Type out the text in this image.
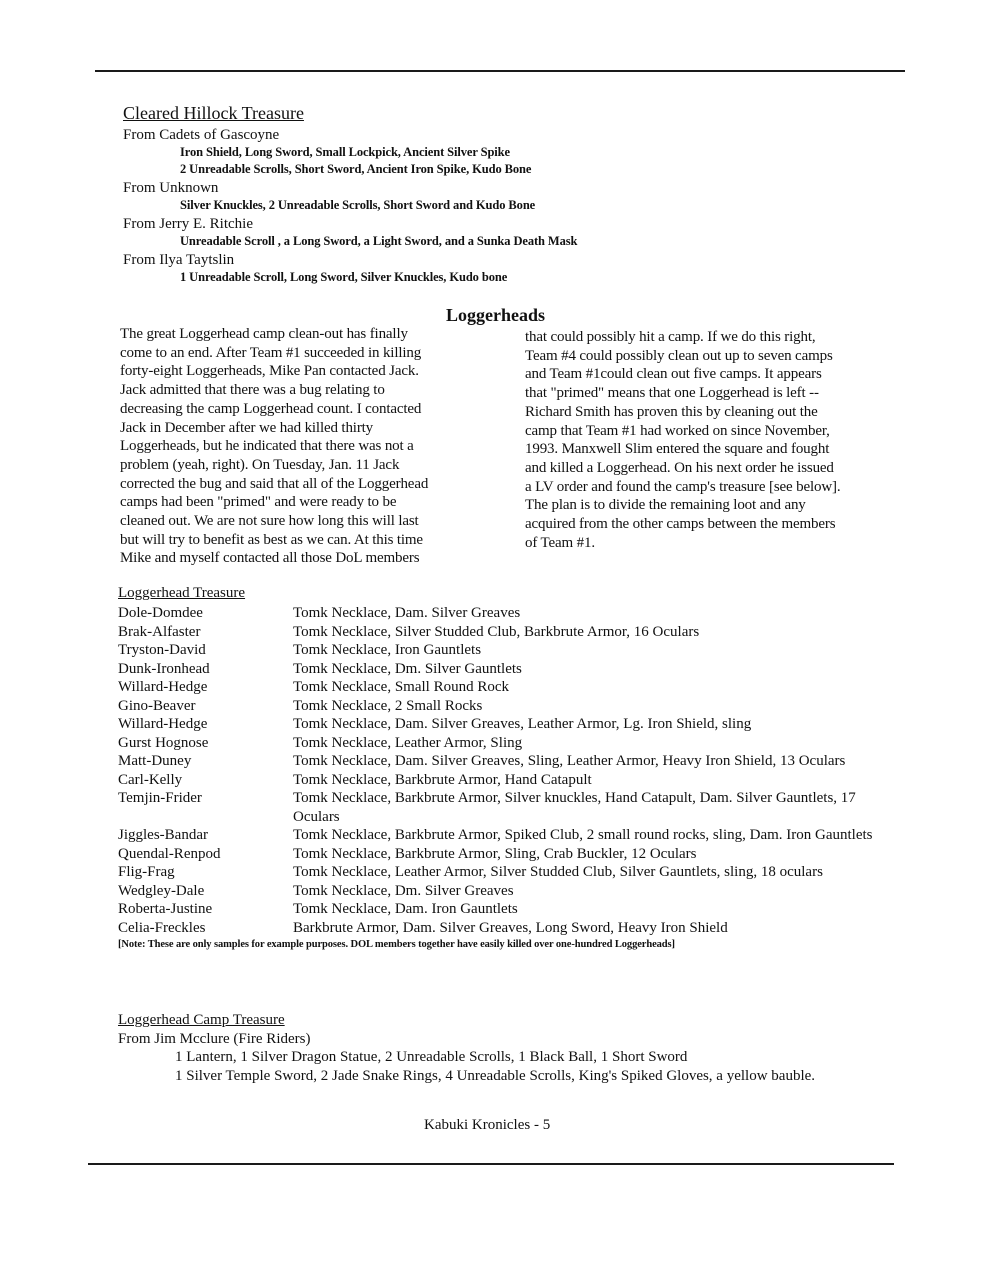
Cleared Hillock Treasure
From Cadets of Gascoyne
Iron Shield, Long Sword, Small Lockpick, Ancient Silver Spike
2 Unreadable Scrolls, Short Sword, Ancient Iron Spike, Kudo Bone
From Unknown
Silver Knuckles, 2 Unreadable Scrolls, Short Sword and Kudo Bone
From Jerry E. Ritchie
Unreadable Scroll , a Long Sword, a Light Sword, and a Sunka Death Mask
From Ilya Taytslin
1 Unreadable Scroll, Long Sword, Silver Knuckles, Kudo bone
Loggerheads

The great Loggerhead camp clean-out has finally

come to an end. After Team #1 succeeded in killing

forty-eight Loggerheads, Mike Pan contacted Jack.

Jack admitted that there was a bug relating to

decreasing the camp Loggerhead count. I contacted

Jack in December after we had killed thirty

Loggerheads, but he indicated that there was not a

problem (yeah, right). On Tuesday, Jan. 11 Jack

corrected the bug and said that all of the Loggerhead

camps had been "primed" and were ready to be

cleaned out. We are not sure how long this will last

but will try to benefit as best as we can. At this time

Mike and myself contacted all those DoL members

that could possibly hit a camp. If we do this right,

Team #4 could possibly clean out up to seven camps

and Team #1could clean out five camps. It appears

that "primed" means that one Loggerhead is left --

Richard Smith has proven this by cleaning out the

camp that Team #1 had worked on since November,

1993. Manxwell Slim entered the square and fought

and killed a Loggerhead. On his next order he issued

a LV order and found the camp's treasure [see below].

The plan is to divide the remaining loot and any

acquired from the other camps between the members

of Team #1.

Loggerhead Treasure
Dole-Domdee	Tomk Necklace, Dam. Silver Greaves
Brak-Alfaster	Tomk Necklace, Silver Studded Club, Barkbrute Armor, 16 Oculars
Tryston-David	Tomk Necklace, Iron Gauntlets
Dunk-Ironhead	Tomk Necklace, Dm. Silver Gauntlets
Willard-Hedge	Tomk Necklace, Small Round Rock
Gino-Beaver	Tomk Necklace, 2 Small Rocks
Willard-Hedge	Tomk Necklace, Dam. Silver Greaves, Leather Armor, Lg. Iron Shield, sling
Gurst Hognose	Tomk Necklace, Leather Armor, Sling
Matt-Duney	Tomk Necklace, Dam. Silver Greaves, Sling, Leather Armor, Heavy Iron Shield, 13 Oculars
Carl-Kelly	Tomk Necklace, Barkbrute Armor, Hand Catapult
Temjin-Frider	Tomk Necklace, Barkbrute Armor, Silver knuckles, Hand Catapult, Dam. Silver Gauntlets, 17 Oculars
Jiggles-Bandar	Tomk Necklace, Barkbrute Armor, Spiked Club, 2 small round rocks, sling, Dam. Iron Gauntlets
Quendal-Renpod	Tomk Necklace, Barkbrute Armor, Sling, Crab Buckler, 12 Oculars
Flig-Frag	Tomk Necklace, Leather Armor, Silver Studded Club, Silver Gauntlets, sling, 18 oculars
Wedgley-Dale	Tomk Necklace, Dm. Silver Greaves
Roberta-Justine	Tomk Necklace, Dam. Iron Gauntlets
Celia-Freckles	Barkbrute Armor, Dam. Silver Greaves, Long Sword, Heavy Iron Shield
[Note: These are only samples for example purposes. DOL members together have easily killed over one-hundred Loggerheads]
Loggerhead Camp Treasure
From Jim Mcclure (Fire Riders)
1 Lantern, 1 Silver Dragon Statue, 2 Unreadable Scrolls, 1 Black Ball, 1 Short Sword
1 Silver Temple Sword, 2 Jade Snake Rings, 4 Unreadable Scrolls, King's Spiked Gloves, a yellow bauble.
Kabuki Kronicles - 5
